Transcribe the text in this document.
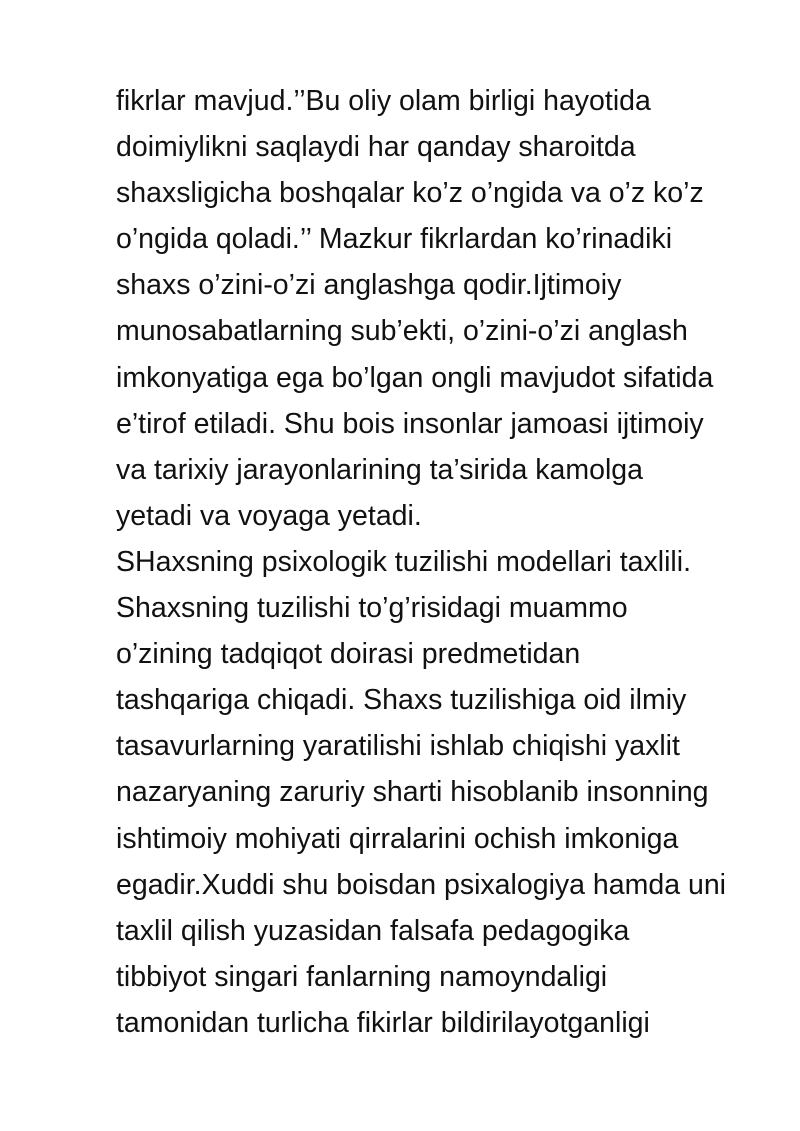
fikrlar mavjud.’’Bu oliy olam birligi hayotida
doimiylikni saqlaydi har qanday sharoitda
shaxsligicha boshqalar ko’z o’ngida va o’z ko’z
o’ngida qoladi.’’ Mazkur fikrlardan ko’rinadiki
shaxs o’zini-o’zi anglashga qodir.Ijtimoiy
munosabatlarning sub’ekti, o’zini-o’zi anglash
imkonyatiga ega bo’lgan ongli mavjudot sifatida
e’tirof etiladi. Shu bois insonlar jamoasi ijtimoiy
va tarixiy jarayonlarining ta’sirida kamolga
yetadi va voyaga yetadi.
SHaxsning psixologik tuzilishi modellari taxlili.
Shaxsning tuzilishi to’g’risidagi muammo
o’zining tadqiqot doirasi predmetidan
tashqariga chiqadi. Shaxs tuzilishiga oid ilmiy
tasavurlarning yaratilishi ishlab chiqishi yaxlit
nazaryaning zaruriy sharti hisoblanib insonning
ishtimoiy mohiyati qirralarini ochish imkoniga
egadir.Xuddi shu boisdan psixalogiya hamda uni
taxlil qilish yuzasidan falsafa pedagogika
tibbiyot singari fanlarning namoyndaligi
tamonidan turlicha fikirlar bildirilayotganligi
